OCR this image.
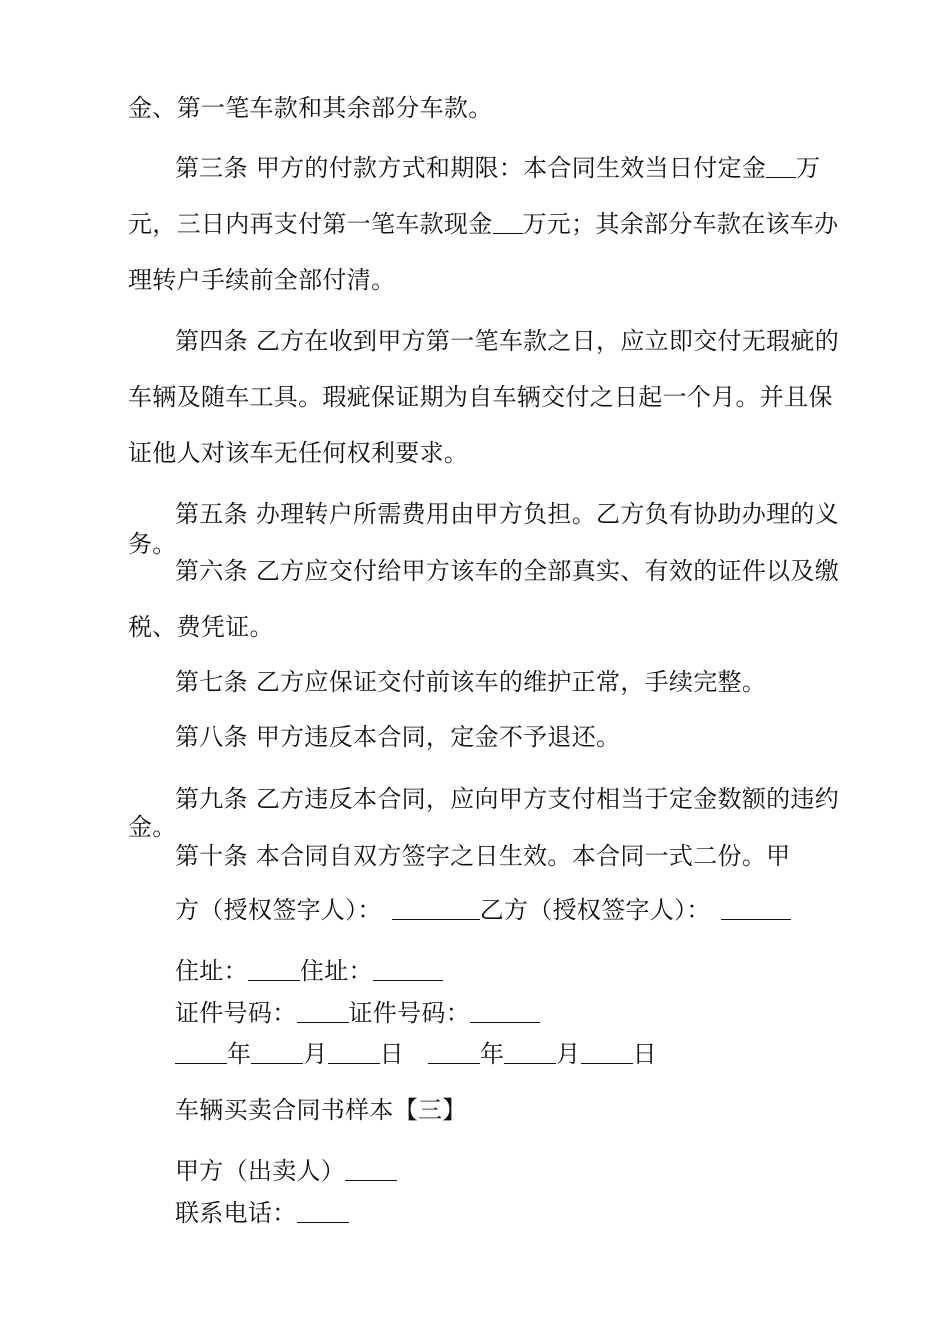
金、第一笔车款和其余部分车款。
第三条 甲方的付款方式和期限：本合同生效当日付定金 万
元，三日内再支付第一笔车款现金 万元；其余部分车款在该车办
理转户手续前全部付清。
第四条 乙方在收到甲方第一笔车款之日，应立即交付无瑕疵的
车辆及随车工具。瑕疵保证期为自车辆交付之日起一个月。并且保
证他人对该车无任何权利要求。
第五条 办理转户所需费用由甲方负担。乙方负有协助办理的义
务。
第六条 乙方应交付给甲方该车的全部真实、有效的证件以及缴
税、费凭证。
第七条 乙方应保证交付前该车的维护正常，手续完整。
第八条 甲方违反本合同，定金不予退还。
第九条 乙方违反本合同，应向甲方支付相当于定金数额的违约
金。
第十条 本合同自双方签字之日生效。本合同一式二份。甲
方（授权签字人）：	乙方（授权签字人）：
住址： 住址：
证件号码： 证件号码：
年 月 日	年 月 日
车辆买卖合同书样本【三】
甲方（出卖人）
联系电话：
